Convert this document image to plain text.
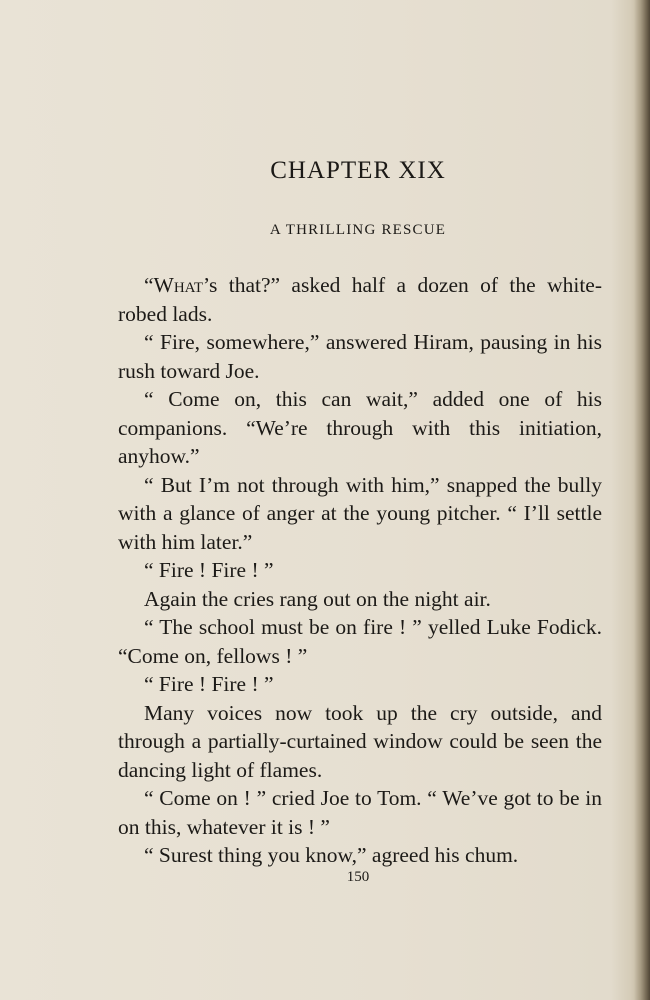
CHAPTER XIX
A THRILLING RESCUE

“What’s that?” asked half a dozen of the white-robed lads.

“ Fire, somewhere,” answered Hiram, pausing in his rush toward Joe.

“ Come on, this can wait,” added one of his companions. “We’re through with this initiation, anyhow.”

“ But I’m not through with him,” snapped the bully with a glance of anger at the young pitcher. “ I’ll settle with him later.”

“ Fire ! Fire ! ”

Again the cries rang out on the night air.

“ The school must be on fire ! ” yelled Luke Fodick. “Come on, fellows ! ”

“ Fire ! Fire ! ”

Many voices now took up the cry outside, and through a partially-curtained window could be seen the dancing light of flames.

“ Come on ! ” cried Joe to Tom. “ We’ve got to be in on this, whatever it is ! ”

“ Surest thing you know,” agreed his chum.

150
